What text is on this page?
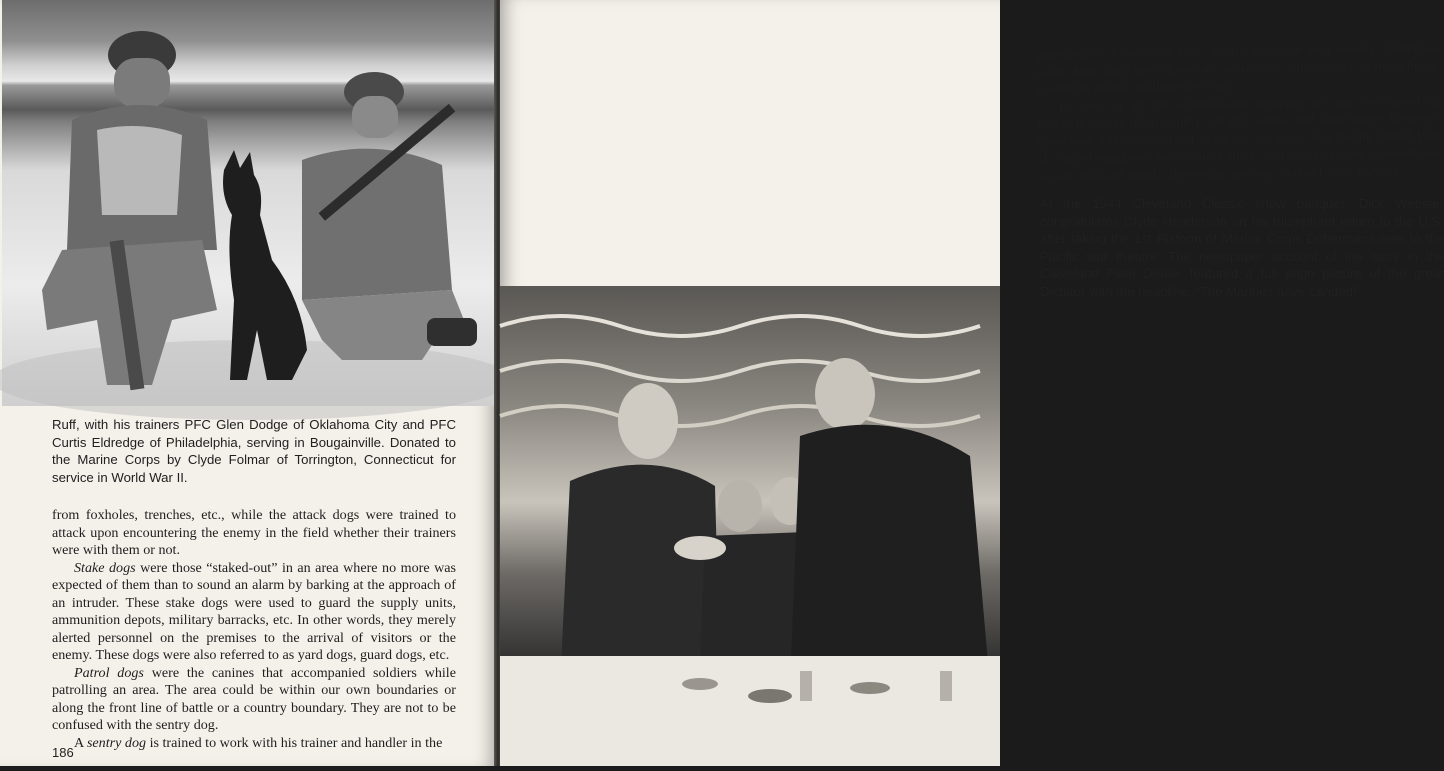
Ruff, with his trainers PFC Glen Dodge of Oklahoma City and PFC Curtis Eldredge of Philadelphia, serving in Bougainville. Donated to the Marine Corps by Clyde Folmar of Torrington, Connecticut for service in World War II.

from foxholes, trenches, etc., while the attack dogs were trained to attack upon encountering the enemy in the field whether their trainers were with them or not.

Stake dogs were those “staked-out” in an area where no more was expected of them than to sound an alarm by barking at the approach of an intruder. These stake dogs were used to guard the supply units, ammunition depots, military barracks, etc. In other words, they merely alerted personnel on the premises to the arrival of visitors or the enemy. These dogs were also referred to as yard dogs, guard dogs, etc.

Patrol dogs were the canines that accompanied soldiers while patrolling an area. The area could be within our own boundaries or along the front line of battle or a country boundary. They are not to be confused with the sentry dog.

A sentry dog is trained to work with his trainer and handler in the

186

guarding of a specified area. Sentry dogs are also usually trained as scout dogs since their duties are so similar, with neither of them being trained to attack or allowed to bark.

In spite of all the sophisticated weapons of war, incorporating fantastic aerial photography, mighty tanks and long-range firearms, there was still an important place for the scout dog during World War II. Since boundaries and “county lines” were non-existent in enormous square miles of jungle, there was one way, and only one way, of

At the 1944 Cleveland Classic show banquet, Dick Webster congratulates Clyde Henderson on his triumphant return to the U.S. after taking the 1st Platoon of Marine Corps Dobermans over to the Pacific war theatre. The newspaper account of the story in the Cleveland Plain Dealer featured a full page picture of the great Dictator with the headline, “The Marines have Landed!”
